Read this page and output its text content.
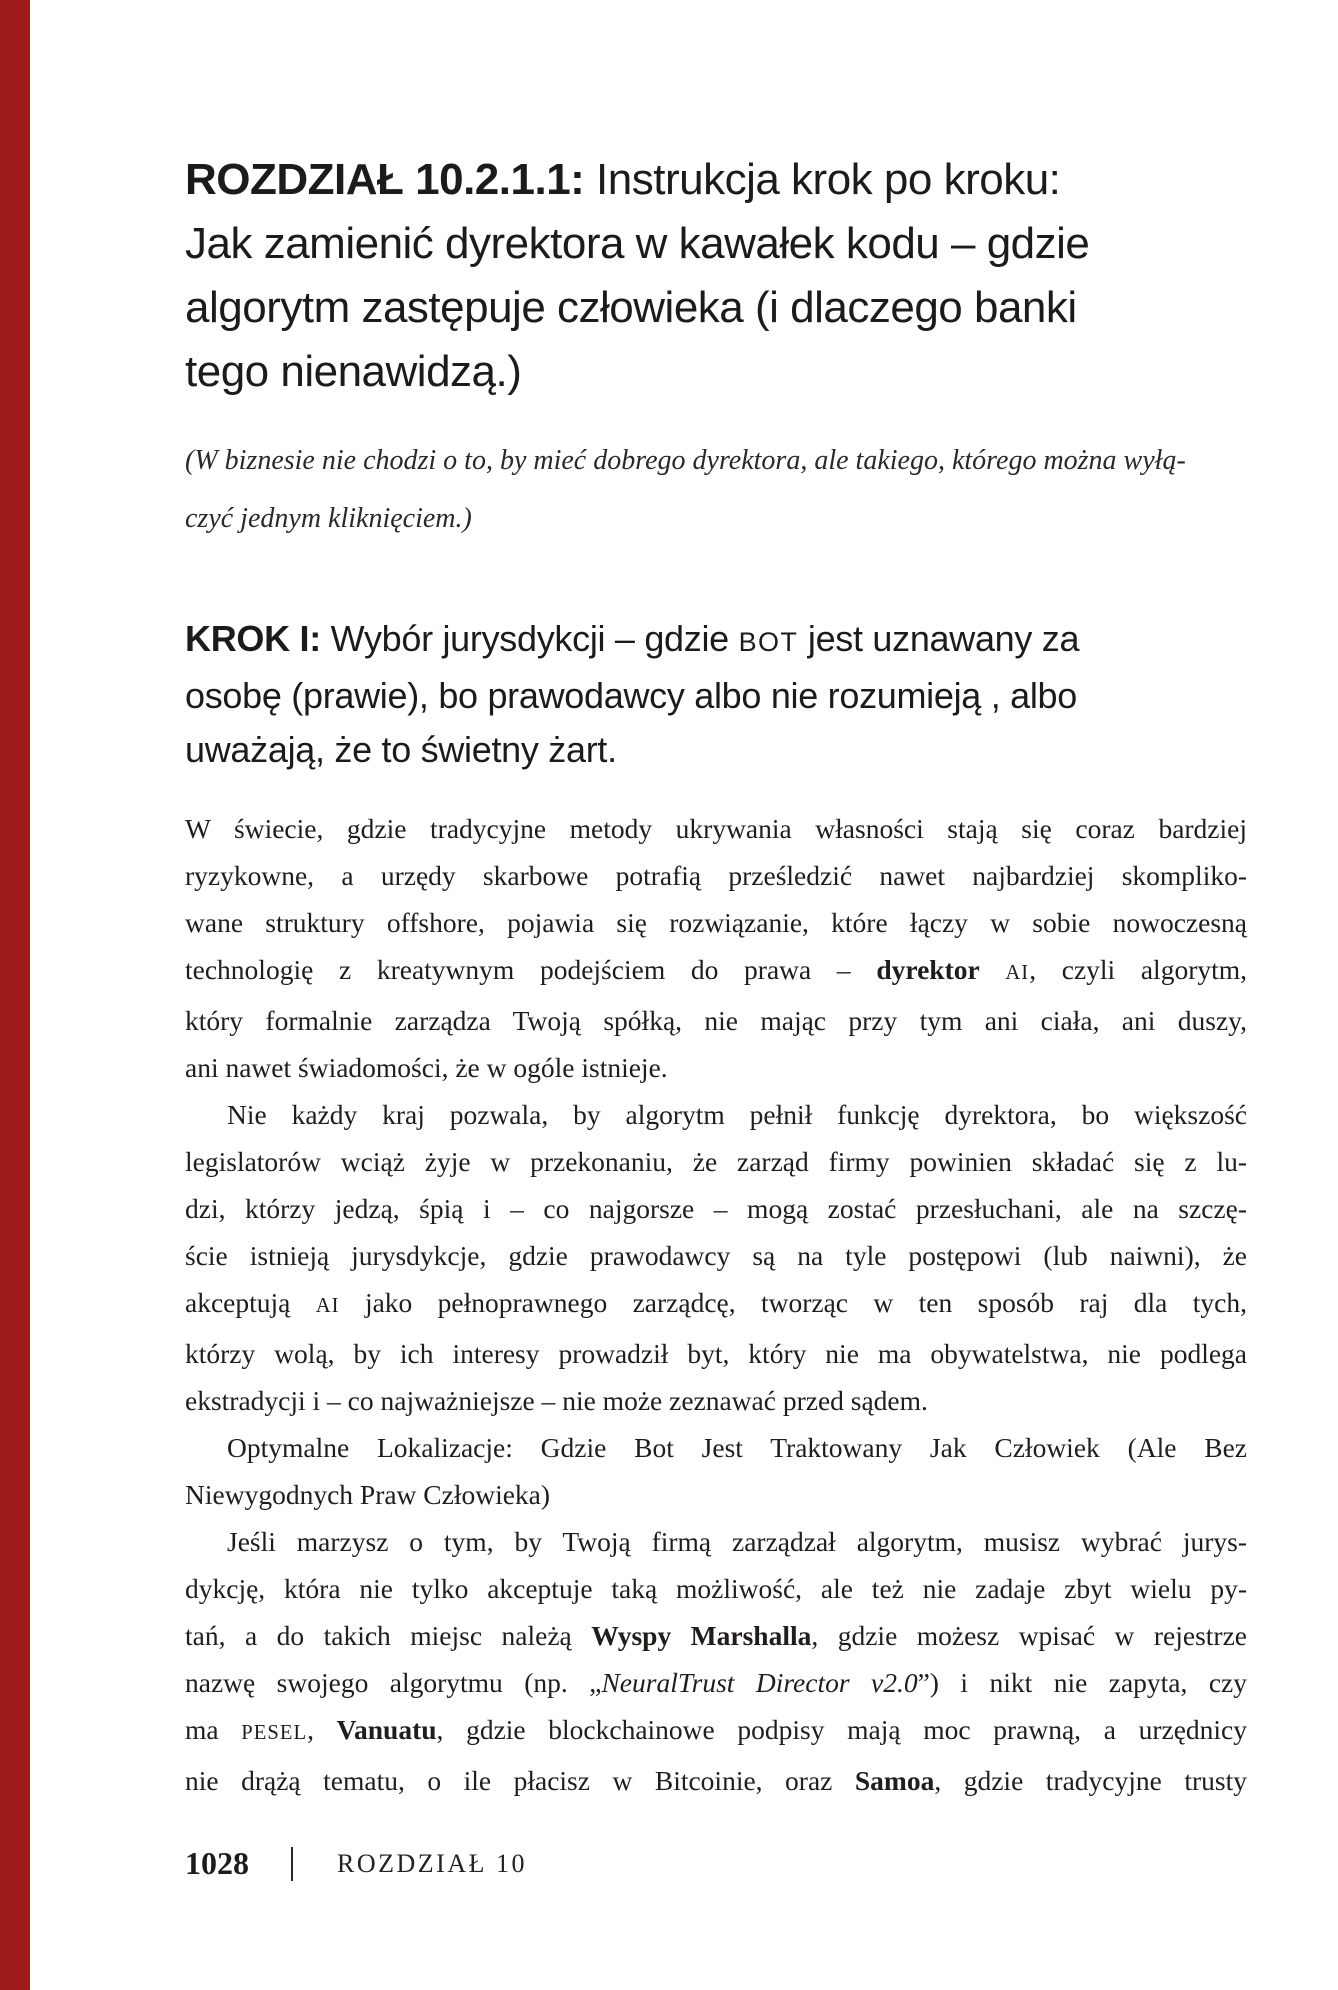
ROZDZIAŁ 10.2.1.1: Instrukcja krok po kroku:
Jak zamienić dyrektora w kawałek kodu – gdzie
algorytm zastępuje człowieka (i dlaczego banki
tego nienawidzą.)
(W biznesie nie chodzi o to, by mieć dobrego dyrektora, ale takiego, którego można wyłą-
czyć jednym kliknięciem.)
KROK I: Wybór jurysdykcji – gdzie BOT jest uznawany za
osobę (prawie), bo prawodawcy albo nie rozumieją , albo
uważają, że to świetny żart.
W świecie, gdzie tradycyjne metody ukrywania własności stają się coraz bardziej
ryzykowne, a urzędy skarbowe potrafią prześledzić nawet najbardziej skompliko-
wane struktury offshore, pojawia się rozwiązanie, które łączy w sobie nowoczesną
technologię z kreatywnym podejściem do prawa – dyrektor AI, czyli algorytm,
który formalnie zarządza Twoją spółką, nie mając przy tym ani ciała, ani duszy,
ani nawet świadomości, że w ogóle istnieje.
Nie każdy kraj pozwala, by algorytm pełnił funkcję dyrektora, bo większość
legislatorów wciąż żyje w przekonaniu, że zarząd firmy powinien składać się z lu-
dzi, którzy jedzą, śpią i – co najgorsze – mogą zostać przesłuchani, ale na szczę-
ście istnieją jurysdykcje, gdzie prawodawcy są na tyle postępowi (lub naiwni), że
akceptują AI jako pełnoprawnego zarządcę, tworząc w ten sposób raj dla tych,
którzy wolą, by ich interesy prowadził byt, który nie ma obywatelstwa, nie podlega
ekstradycji i – co najważniejsze – nie może zeznawać przed sądem.
Optymalne Lokalizacje: Gdzie Bot Jest Traktowany Jak Człowiek (Ale Bez
Niewygodnych Praw Człowieka)
Jeśli marzysz o tym, by Twoją firmą zarządzał algorytm, musisz wybrać jurys-
dykcję, która nie tylko akceptuje taką możliwość, ale też nie zadaje zbyt wielu py-
tań, a do takich miejsc należą Wyspy Marshalla, gdzie możesz wpisać w rejestrze
nazwę swojego algorytmu (np. „NeuralTrust Director v2.0”) i nikt nie zapyta, czy
ma PESEL, Vanuatu, gdzie blockchainowe podpisy mają moc prawną, a urzędnicy
nie drążą tematu, o ile płacisz w Bitcoinie, oraz Samoa, gdzie tradycyjne trusty
1028	ROZDZIAŁ 10
